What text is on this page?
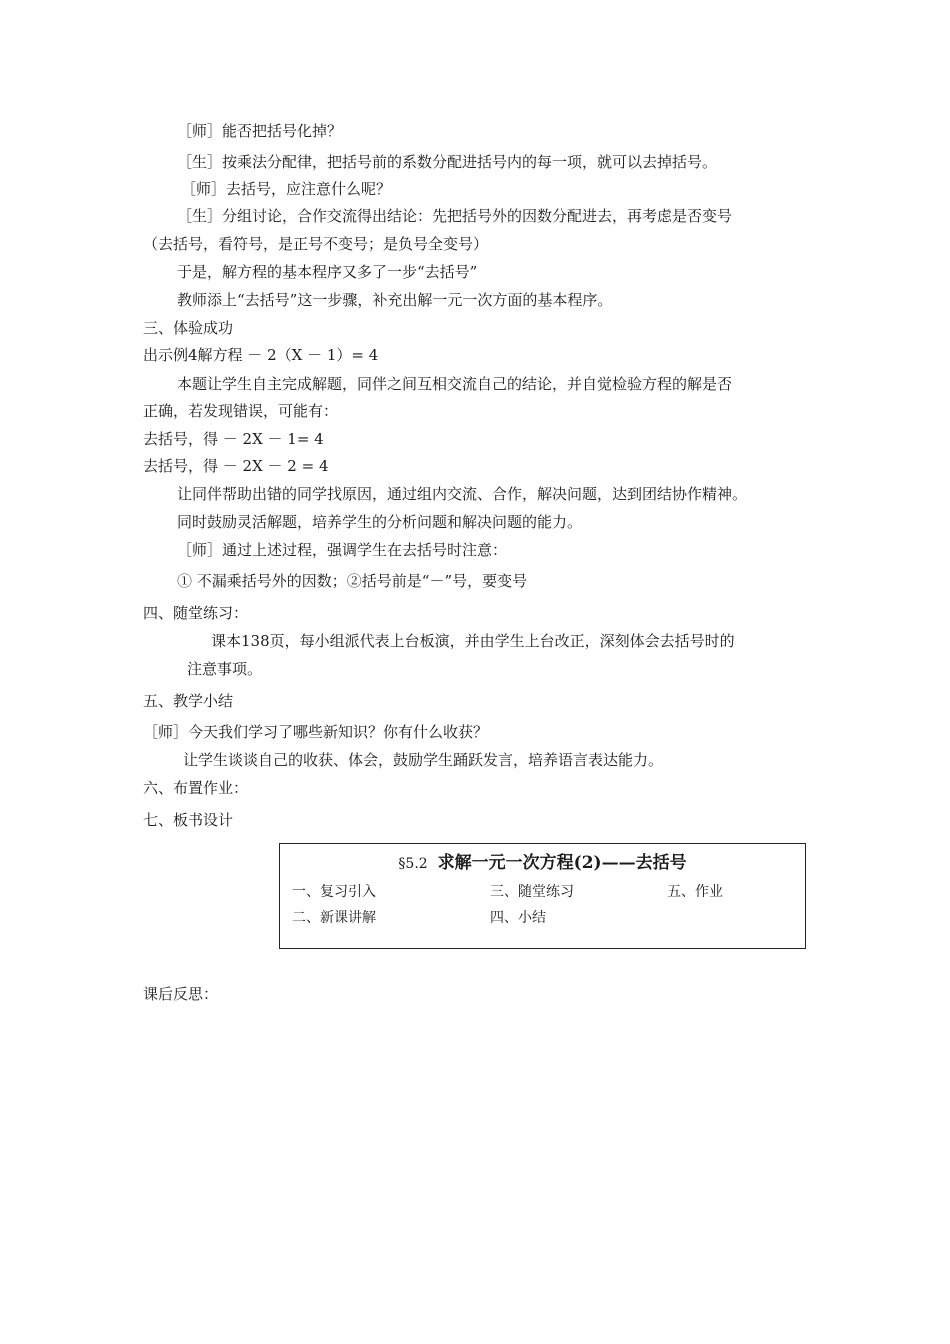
［师］能否把括号化掉？
［生］按乘法分配律，把括号前的系数分配进括号内的每一项，就可以去掉括号。
［师］去括号，应注意什么呢？
［生］分组讨论，合作交流得出结论：先把括号外的因数分配进去，再考虑是否变号
（去括号，看符号，是正号不变号；是负号全变号）
于是，解方程的基本程序又多了一步“去括号”
教师添上“去括号”这一步骤，补充出解一元一次方面的基本程序。
三、体验成功
出示例4解方程 － 2（X － 1）= 4
本题让学生自主完成解题，同伴之间互相交流自己的结论，并自觉检验方程的解是否
正确，若发现错误，可能有：
去括号，得 － 2X － 1= 4
去括号，得 － 2X － 2 = 4
让同伴帮助出错的同学找原因，通过组内交流、合作，解决问题，达到团结协作精神。
同时鼓励灵活解题，培养学生的分析问题和解决问题的能力。
［师］通过上述过程，强调学生在去括号时注意：
① 不漏乘括号外的因数；②括号前是“－”号，要变号
四、随堂练习：
课本138页，每小组派代表上台板演，并由学生上台改正，深刻体会去括号时的
注意事项。
五、教学小结
［师］今天我们学习了哪些新知识？你有什么收获？
让学生谈谈自己的收获、体会，鼓励学生踊跃发言，培养语言表达能力。
六、布置作业：
七、板书设计
§5.2 求解一元一次方程(2)——去括号
一、复习引入	三、随堂练习	五、作业
二、新课讲解	四、小结
课后反思：
